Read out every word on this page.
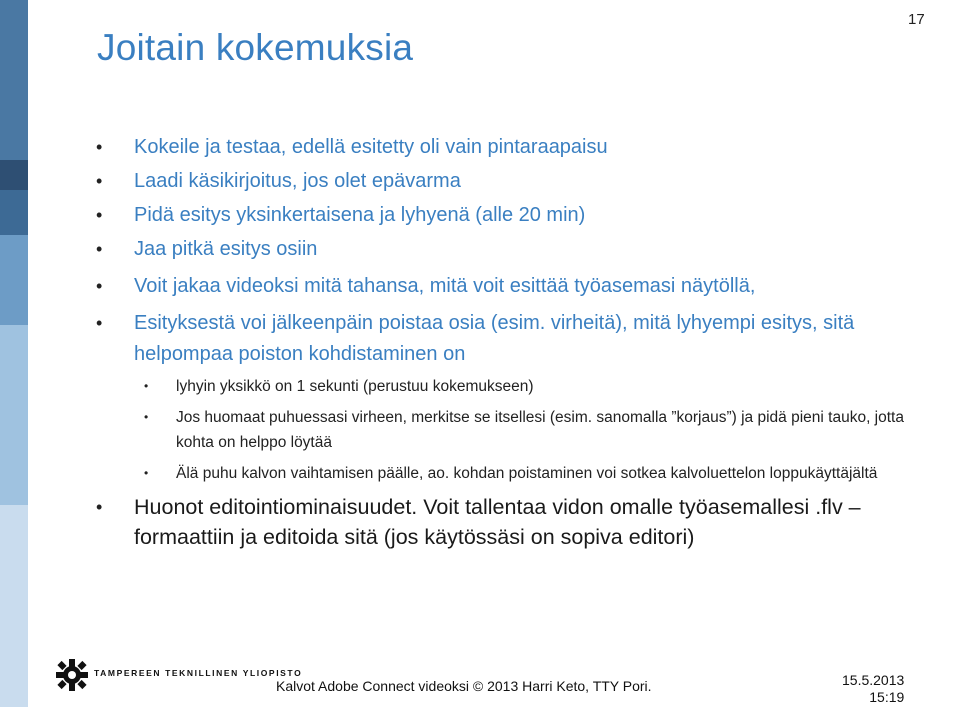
Joitain kokemuksia
17

• Kokeile ja testaa, edellä esitetty oli vain pintaraapaisu

• Laadi käsikirjoitus, jos olet epävarma

• Pidä esitys yksinkertaisena ja lyhyenä (alle 20 min)

• Jaa pitkä esitys osiin

• Voit jakaa videoksi mitä tahansa, mitä voit esittää työasemasi näytöllä,

• Esityksestä voi jälkeenpäin poistaa osia (esim. virheitä), mitä lyhyempi esitys, sitä helpompaa poiston kohdistaminen on

• lyhyin yksikkö on 1 sekunti (perustuu kokemukseen)

• Jos huomaat puhuessasi virheen, merkitse se itsellesi (esim. sanomalla ”korjaus”) ja pidä pieni tauko, jotta kohta on helppo löytää

• Älä puhu kalvon vaihtamisen päälle, ao. kohdan poistaminen voi sotkea kalvoluettelon loppukäyttäjältä

• Huonot editointiominaisuudet. Voit tallentaa vidon omalle työasemallesi .flv –formaattiin ja editoida sitä (jos käytössäsi on sopiva editori)

TAMPEREEN TEKNILLINEN YLIOPISTO
Kalvot Adobe Connect videoksi © 2013 Harri Keto, TTY Pori.	15.5.2013
15:19
